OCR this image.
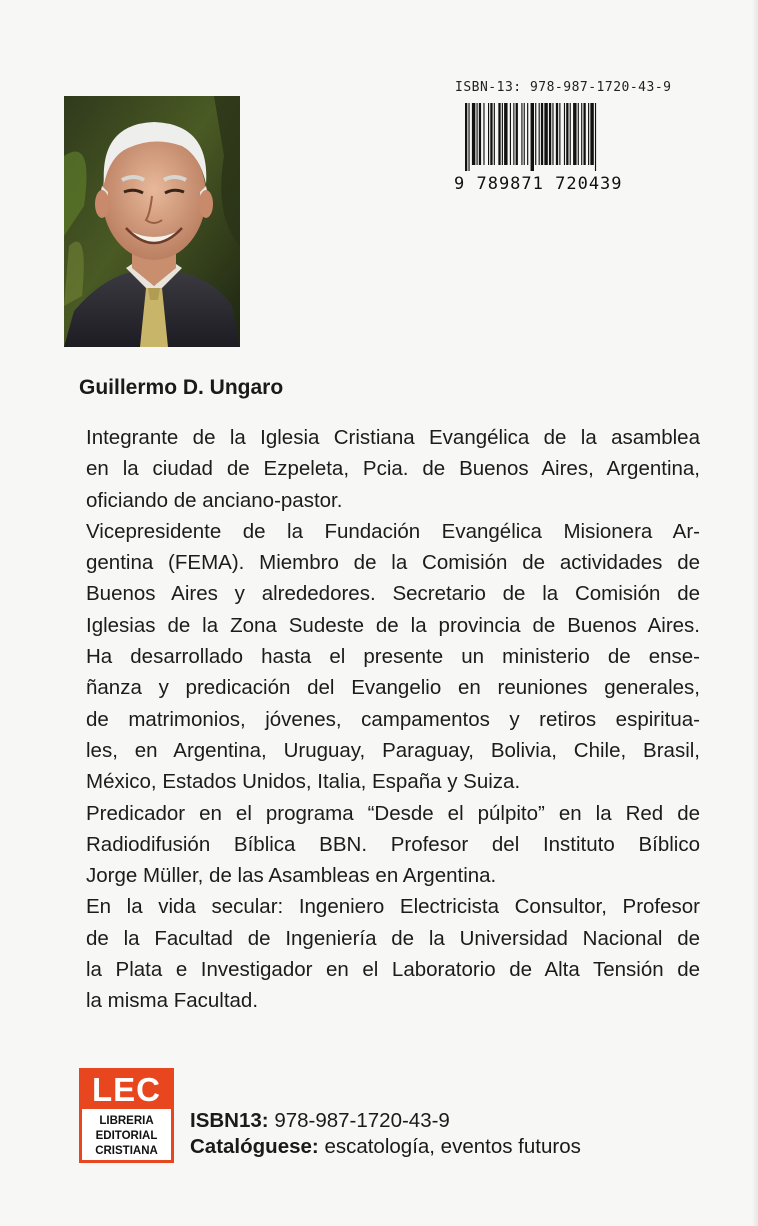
ISBN-13: 978-987-1720-43-9
9 789871 720439
Guillermo D. Ungaro
Integrante de la Iglesia Cristiana Evangélica de la asamblea
en la ciudad de Ezpeleta, Pcia. de Buenos Aires, Argentina,
oficiando de anciano-pastor.
Vicepresidente de la Fundación Evangélica Misionera Ar-
gentina (FEMA). Miembro de la Comisión de actividades de
Buenos Aires y alrededores. Secretario de la Comisión de
Iglesias de la Zona Sudeste de la provincia de Buenos Aires.
Ha desarrollado hasta el presente un ministerio de ense-
ñanza y predicación del Evangelio en reuniones generales,
de matrimonios, jóvenes, campamentos y retiros espiritua-
les, en Argentina, Uruguay, Paraguay, Bolivia, Chile, Brasil,
México, Estados Unidos, Italia, España y Suiza.
Predicador en el programa “Desde el púlpito” en la Red de
Radiodifusión Bíblica BBN. Profesor del Instituto Bíblico
Jorge Müller, de las Asambleas en Argentina.
En la vida secular: Ingeniero Electricista Consultor, Profesor
de la Facultad de Ingeniería de la Universidad Nacional de
la Plata e Investigador en el Laboratorio de Alta Tensión de
la misma Facultad.
LEC
LIBRERIA
EDITORIAL
CRISTIANA
ISBN13: 978-987-1720-43-9
Catalóguese: escatología, eventos futuros
